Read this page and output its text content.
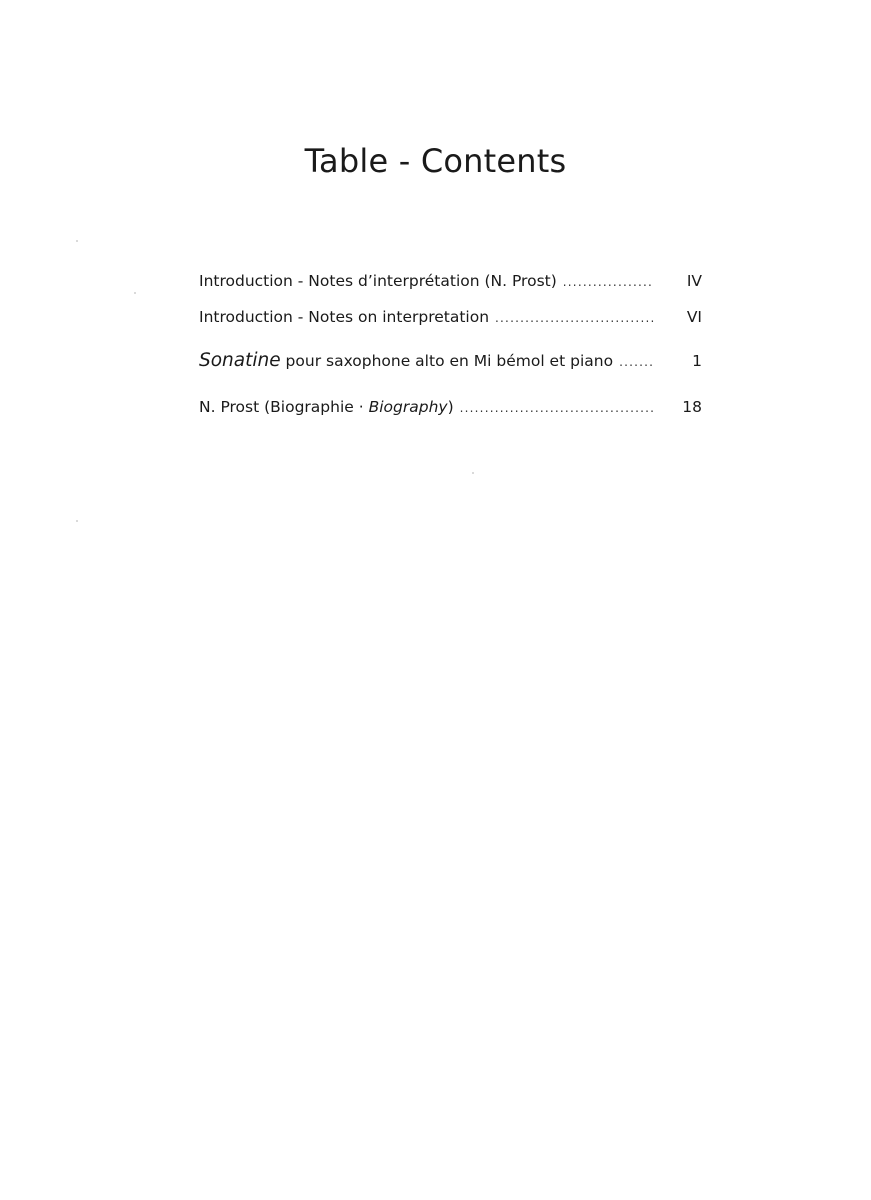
Table - Contents
Introduction - Notes d’interprétation (N. Prost) .....	IV
Introduction - Notes on interpretation .....	VI
Sonatine pour saxophone alto en Mi bémol et piano .....	1
N. Prost (Biographie · Biography) .....	18
